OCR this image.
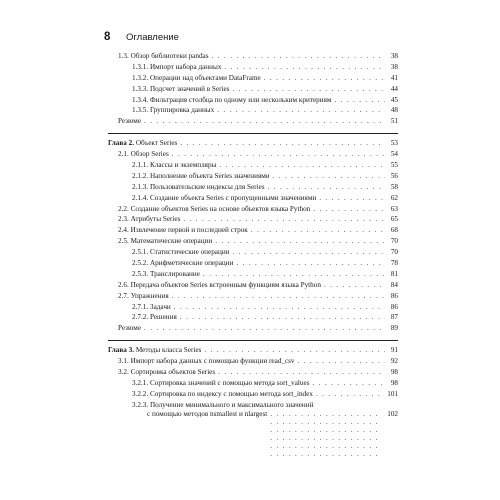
8	Оглавление
1.3. Обзор библиотеки pandas . . .	38
1.3.1. Импорт набора данных . . .	38
1.3.2. Операции над объектами DataFrame . . .	41
1.3.3. Подсчет значений в Series . . .	44
1.3.4. Фильтрация столбца по одному или нескольким критериям . . .	45
1.3.5. Группировка данных . . .	48
Резюме . . .	51
Глава 2. Объект Series . . .	53
2.1. Обзор Series . . .	54
2.1.1. Классы и экземпляры . . .	55
2.1.2. Наполнение объекта Series значениями . . .	56
2.1.3. Пользовательские индексы для Series . . .	58
2.1.4. Создание объекта Series с пропущенными значениями . . .	62
2.2. Создание объектов Series на основе объектов языка Python . . .	63
2.3. Атрибуты Series . . .	65
2.4. Извлечение первой и последней строк . . .	68
2.5. Математические операции . . .	70
2.5.1. Статистические операции . . .	70
2.5.2. Арифметические операции . . .	78
2.5.3. Транслирование . . .	81
2.6. Передача объектов Series встроенным функциям языка Python . . .	84
2.7. Упражнения . . .	86
2.7.1. Задачи . . .	86
2.7.2. Решения . . .	87
Резюме . . .	89
Глава 3. Методы класса Series . . .	91
3.1. Импорт набора данных с помощью функции read_csv . . .	92
3.2. Сортировка объектов Series . . .	98
3.2.1. Сортировка значений с помощью метода sort_values . . .	98
3.2.2. Сортировка по индексу с помощью метода sort_index . . .	101
3.2.3. Получение минимального и максимального значений
с помощью методов nsmallest и nlargest . . .	102
